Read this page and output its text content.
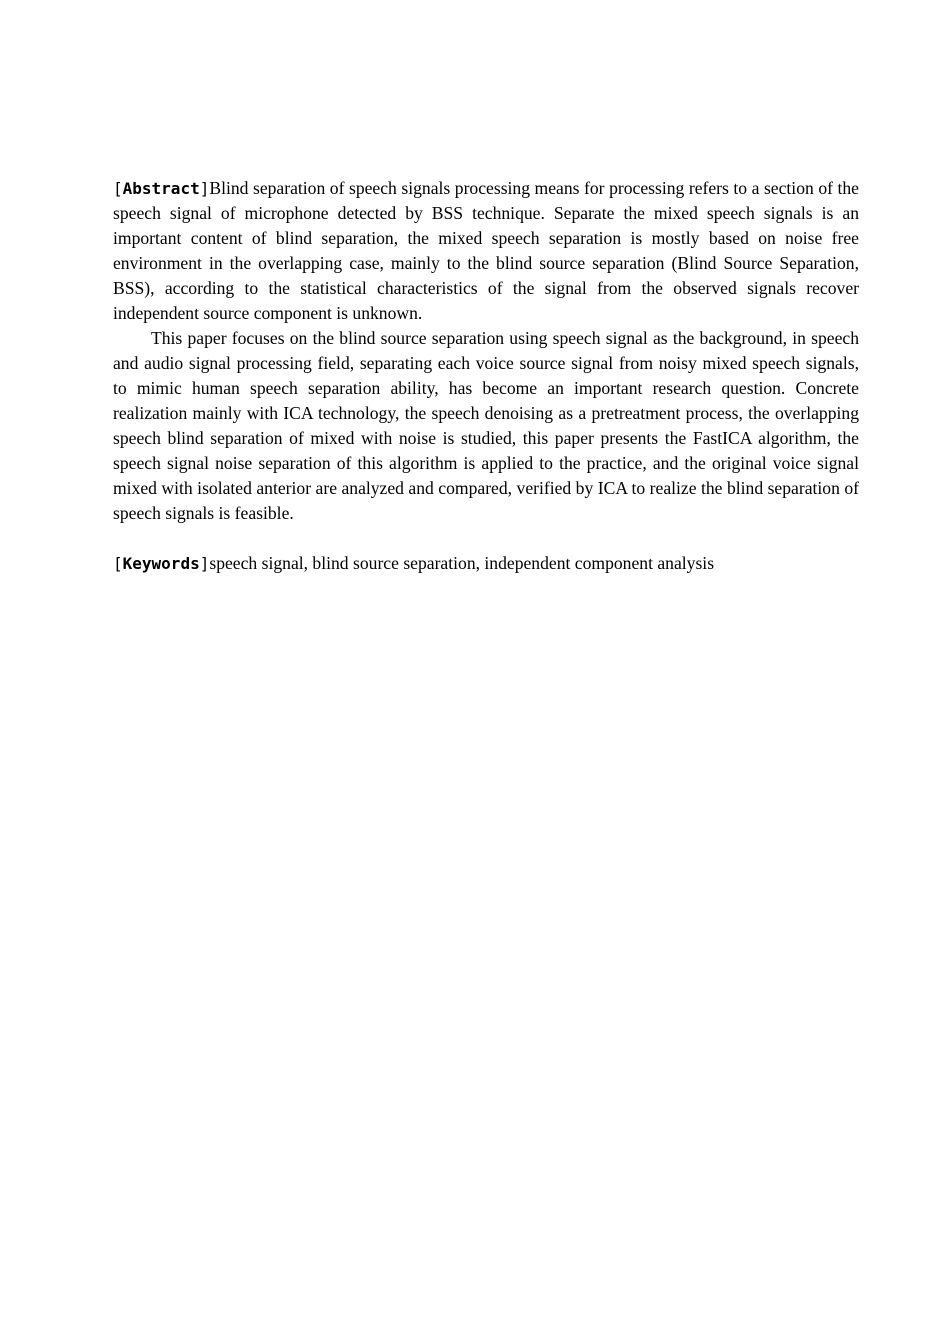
[Abstract]Blind separation of speech signals processing means for processing refers to a section of the speech signal of microphone detected by BSS technique. Separate the mixed speech signals is an important content of blind separation, the mixed speech separation is mostly based on noise free environment in the overlapping case, mainly to the blind source separation (Blind Source Separation, BSS), according to the statistical characteristics of the signal from the observed signals recover independent source component is unknown.

This paper focuses on the blind source separation using speech signal as the background, in speech and audio signal processing field, separating each voice source signal from noisy mixed speech signals, to mimic human speech separation ability, has become an important research question. Concrete realization mainly with ICA technology, the speech denoising as a pretreatment process, the overlapping speech blind separation of mixed with noise is studied, this paper presents the FastICA algorithm, the speech signal noise separation of this algorithm is applied to the practice, and the original voice signal mixed with isolated anterior are analyzed and compared, verified by ICA to realize the blind separation of speech signals is feasible.

[Keywords]speech signal, blind source separation, independent component analysis
